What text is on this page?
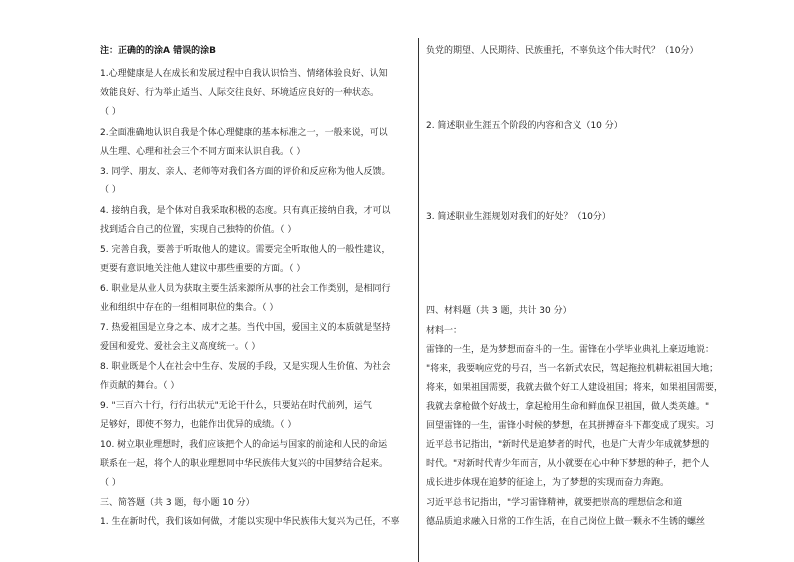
注：正确的的涂A 错误的涂B
1.心理健康是人在成长和发展过程中自我认识恰当、情绪体验良好、认知
效能良好、行为举止适当、人际交往良好、环境适应良好的一种状态。
（ ）
2.全面准确地认识自我是个体心理健康的基本标准之一，一般来说，可以
从生理、心理和社会三个不同方面来认识自我。（ ）
3. 同学、朋友、亲人、老师等对我们各方面的评价和反应称为他人反馈。
（ ）
4. 接纳自我，是个体对自我采取积极的态度。只有真正接纳自我，才可以
找到适合自己的位置，实现自己独特的价值。（ ）
5. 完善自我，要善于听取他人的建议。需要完全听取他人的一般性建议，
更要有意识地关注他人建议中那些重要的方面。（ ）
6. 职业是从业人员为获取主要生活来源所从事的社会工作类别，是相同行
业和组织中存在的一组相同职位的集合。（ ）
7. 热爱祖国是立身之本、成才之基。当代中国，爱国主义的本质就是坚持
爱国和爱党、爱社会主义高度统一。（ ）
8. 职业既是个人在社会中生存、发展的手段，又是实现人生价值、为社会
作贡献的舞台。（ ）
9. "三百六十行，行行出状元"无论干什么，只要站在时代前列，运气
足够好，即使不努力，也能作出优异的成绩。（ ）
10. 树立职业理想时，我们应该把个人的命运与国家的前途和人民的命运
联系在一起，将个人的职业理想同中华民族伟大复兴的中国梦结合起来。
（ ）
三、简答题（共 3 题，每小题 10 分）
1. 生在新时代，我们该如何做，才能以实现中华民族伟大复兴为己任，不辜
负党的期望、人民期待、民族重托，不辜负这个伟大时代？（10分）
2. 简述职业生涯五个阶段的内容和含义（10 分）
3. 简述职业生涯规划对我们的好处？（10分）
四、材料题（共 3 题，共计 30 分）
材料一：
雷锋的一生，是为梦想而奋斗的一生。雷锋在小学毕业典礼上豪迈地说：
"将来，我要响应党的号召，当一名新式农民，驾起拖拉机耕耘祖国大地；
将来，如果祖国需要，我就去做个好工人建设祖国；将来，如果祖国需要，
我就去拿枪做个好战士，拿起枪用生命和鲜血保卫祖国，做人类英雄。"
回望雷锋的一生，雷锋小时候的梦想，在其拼搏奋斗下都变成了现实。习
近平总书记指出，"新时代是追梦者的时代，也是广大青少年成就梦想的
时代。"对新时代青少年而言，从小就要在心中种下梦想的种子，把个人
成长进步体现在追梦的征途上，为了梦想的实现而奋力奔跑。
习近平总书记指出，"学习雷锋精神，就要把崇高的理想信念和道
德品质追求融入日常的工作生活，在自己岗位上做一颗永不生锈的螺丝
